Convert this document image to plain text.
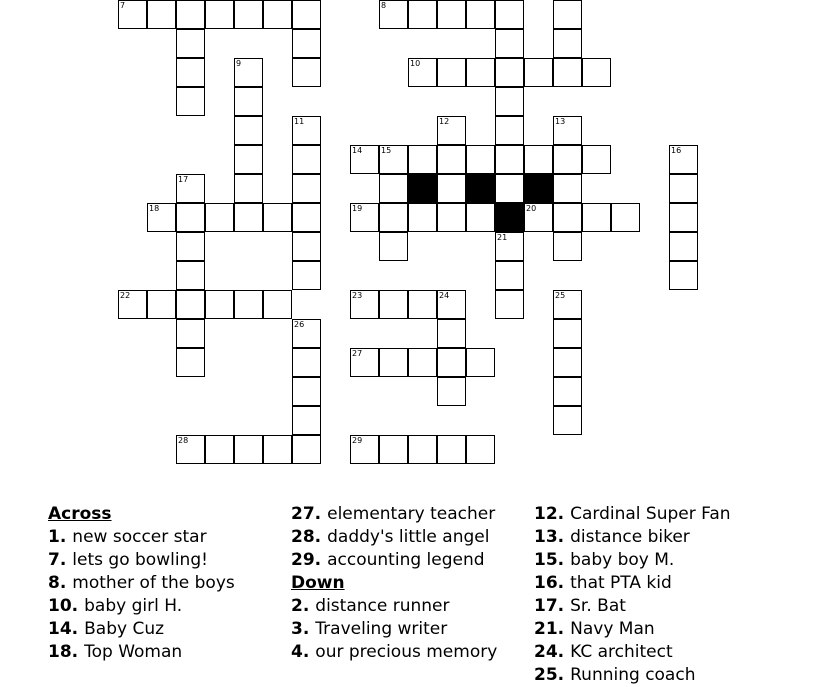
7	8
9	10
11	12	13
14 15	16
17
18	19	20
21
22	23	24	25
26
27
28	29
Across
1. new soccer star
7. lets go bowling!
8. mother of the boys
10. baby girl H.
14. Baby Cuz
18. Top Woman
27. elementary teacher
28. daddy's little angel
29. accounting legend
Down
2. distance runner
3. Traveling writer
4. our precious memory
12. Cardinal Super Fan
13. distance biker
15. baby boy M.
16. that PTA kid
17. Sr. Bat
21. Navy Man
24. KC architect
25. Running coach
